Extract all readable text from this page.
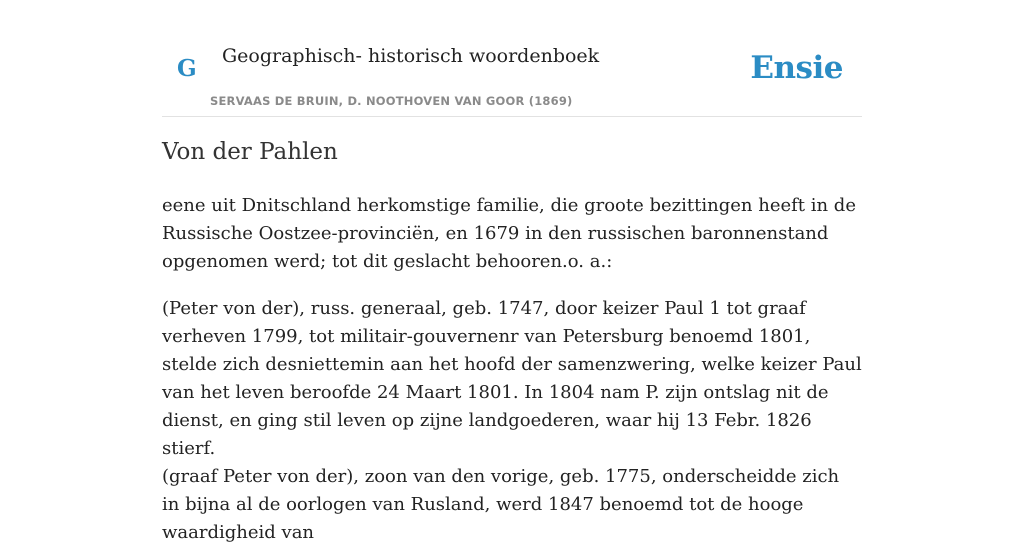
G Geographisch- historisch woordenboek
SERVAAS DE BRUIN, D. NOOTHOVEN VAN GOOR (1869)
Ensie
Von der Pahlen
eene uit Dnitschland herkomstige familie, die groote bezittingen heeft in de Russische Oostzee-provinciën, en 1679 in den russischen baronnenstand opgenomen werd; tot dit geslacht behooren.o. a.:
(Peter von der), russ. generaal, geb. 1747, door keizer Paul 1 tot graaf verheven 1799, tot militair-gouvernenr van Petersburg benoemd 1801, stelde zich desniettemin aan het hoofd der samenzwering, welke keizer Paul van het leven beroofde 24 Maart 1801. In 1804 nam P. zijn ontslag nit de dienst, en ging stil leven op zijne landgoederen, waar hij 13 Febr. 1826 stierf.
(graaf Peter von der), zoon van den vorige, geb. 1775, onderscheidde zich in bijna al de oorlogen van Rusland, werd 1847 benoemd tot de hooge waardigheid van
